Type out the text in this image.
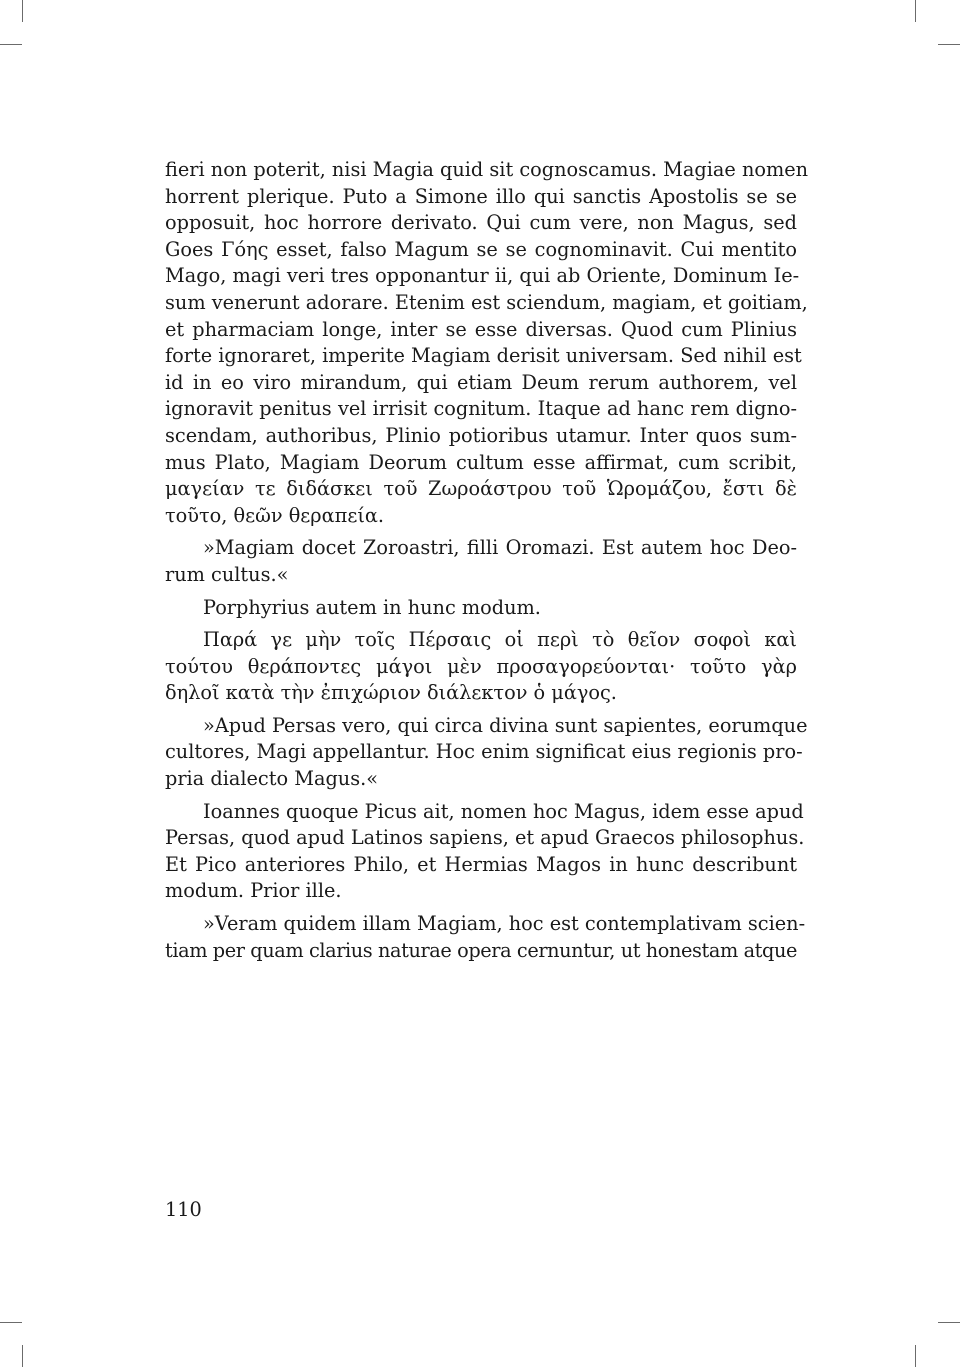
fieri non poterit, nisi Magia quid sit cognoscamus. Magiae nomen
horrent plerique. Puto a Simone illo qui sanctis Apostolis se se
opposuit, hoc horrore derivato. Qui cum vere, non Magus, sed
Goes Γόης esset, falso Magum se se cognominavit. Cui mentito
Mago, magi veri tres opponantur ii, qui ab Oriente, Dominum Ie-
sum venerunt adorare. Etenim est sciendum, magiam, et goitiam,
et pharmaciam longe, inter se esse diversas. Quod cum Plinius
forte ignoraret, imperite Magiam derisit universam. Sed nihil est
id in eo viro mirandum, qui etiam Deum rerum authorem, vel
ignoravit penitus vel irrisit cognitum. Itaque ad hanc rem digno-
scendam, authoribus, Plinio potioribus utamur. Inter quos sum-
mus Plato, Magiam Deorum cultum esse affirmat, cum scribit,
μαγείαν τε διδάσκει τοῦ Ζωροάστρου τοῦ Ὡρομάζου, ἔστι δὲ
τοῦτο, θεῶν θεραπεία.
»Magiam docet Zoroastri, filli Oromazi. Est autem hoc Deo-
rum cultus.«
Porphyrius autem in hunc modum.
Παρά γε μὴν τοῖς Πέρσαις οἱ περὶ τὸ θεῖον σοφοὶ καὶ
τούτου θεράποντες μάγοι μὲν προσαγορεύονται· τοῦτο γὰρ
δηλοῖ κατὰ τὴν ἐπιχώριον διάλεκτον ὁ μάγος.
»Apud Persas vero, qui circa divina sunt sapientes, eorumque
cultores, Magi appellantur. Hoc enim significat eius regionis pro-
pria dialecto Magus.«
Ioannes quoque Picus ait, nomen hoc Magus, idem esse apud
Persas, quod apud Latinos sapiens, et apud Graecos philosophus.
Et Pico anteriores Philo, et Hermias Magos in hunc describunt
modum. Prior ille.
»Veram quidem illam Magiam, hoc est contemplativam scien-
tiam per quam clarius naturae opera cernuntur, ut honestam atque
110
